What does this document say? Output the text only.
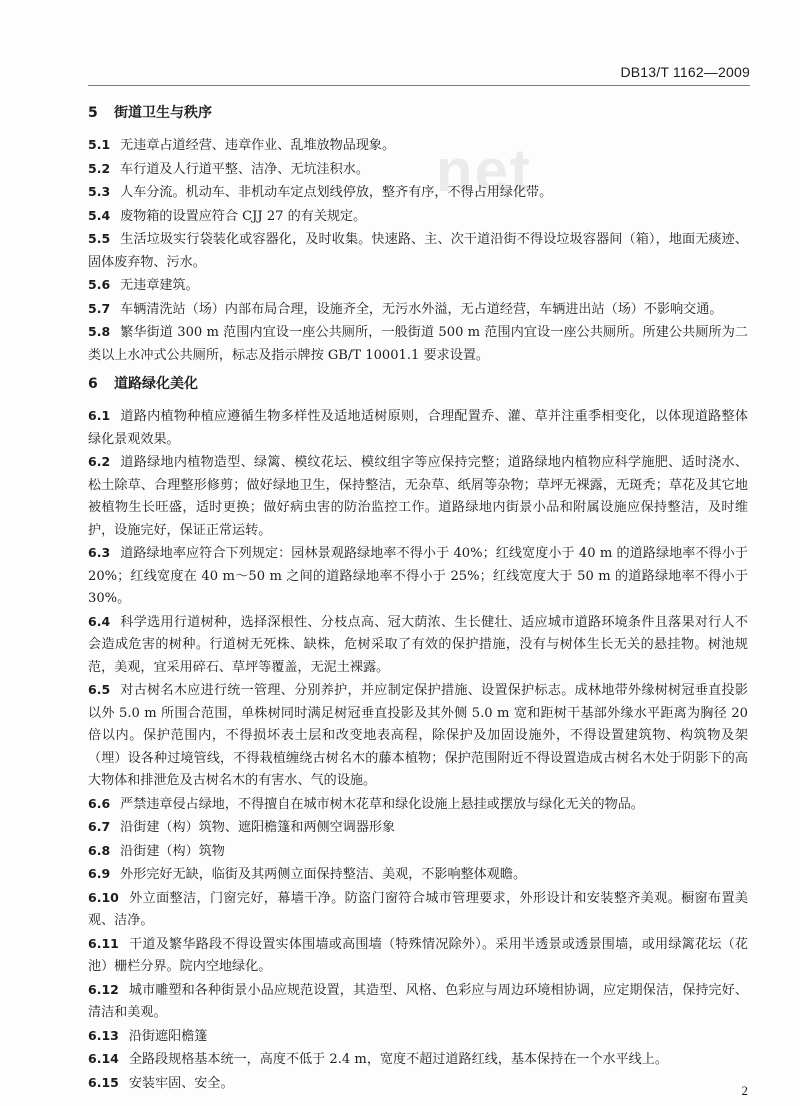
DB13/T 1162—2009
net
5 街道卫生与秩序

5.1 无违章占道经营、违章作业、乱堆放物品现象。

5.2 车行道及人行道平整、洁净、无坑洼积水。

5.3 人车分流。机动车、非机动车定点划线停放，整齐有序，不得占用绿化带。

5.4 废物箱的设置应符合 CJJ 27 的有关规定。

5.5 生活垃圾实行袋装化或容器化，及时收集。快速路、主、次干道沿街不得设垃圾容器间（箱），地面无痰迹、固体废弃物、污水。

5.6 无违章建筑。

5.7 车辆清洗站（场）内部布局合理，设施齐全，无污水外溢，无占道经营，车辆进出站（场）不影响交通。

5.8 繁华街道 300 m 范围内宜设一座公共厕所，一般街道 500 m 范围内宜设一座公共厕所。所建公共厕所为二类以上水冲式公共厕所，标志及指示牌按 GB/T 10001.1 要求设置。

6 道路绿化美化

6.1 道路内植物种植应遵循生物多样性及适地适树原则，合理配置乔、灌、草并注重季相变化，以体现道路整体绿化景观效果。

6.2 道路绿地内植物造型、绿篱、模纹花坛、模纹组字等应保持完整；道路绿地内植物应科学施肥、适时浇水、松土除草、合理整形修剪；做好绿地卫生，保持整洁，无杂草、纸屑等杂物；草坪无裸露，无斑秃；草花及其它地被植物生长旺盛，适时更换；做好病虫害的防治监控工作。道路绿地内街景小品和附属设施应保持整洁，及时维护，设施完好，保证正常运转。

6.3 道路绿地率应符合下列规定：园林景观路绿地率不得小于 40%；红线宽度小于 40 m 的道路绿地率不得小于 20%；红线宽度在 40 m～50 m 之间的道路绿地率不得小于 25%；红线宽度大于 50 m 的道路绿地率不得小于 30%。

6.4 科学选用行道树种，选择深根性、分枝点高、冠大荫浓、生长健壮、适应城市道路环境条件且落果对行人不会造成危害的树种。行道树无死株、缺株，危树采取了有效的保护措施，没有与树体生长无关的悬挂物。树池规范，美观，宜采用碎石、草坪等覆盖，无泥土裸露。

6.5 对古树名木应进行统一管理、分别养护，并应制定保护措施、设置保护标志。成林地带外缘树树冠垂直投影以外 5.0 m 所围合范围，单株树同时满足树冠垂直投影及其外侧 5.0 m 宽和距树干基部外缘水平距离为胸径 20 倍以内。保护范围内，不得损坏表土层和改变地表高程，除保护及加固设施外，不得设置建筑物、构筑物及架（埋）设各种过境管线，不得栽植缠绕古树名木的藤本植物；保护范围附近不得设置造成古树名木处于阴影下的高大物体和排泄危及古树名木的有害水、气的设施。

6.6 严禁违章侵占绿地，不得擅自在城市树木花草和绿化设施上悬挂或摆放与绿化无关的物品。

6.7 沿街建（构）筑物、遮阳檐篷和两侧空调器形象

6.8 沿街建（构）筑物

6.9 外形完好无缺，临街及其两侧立面保持整洁、美观，不影响整体观瞻。

6.10 外立面整洁，门窗完好，幕墙干净。防盗门窗符合城市管理要求，外形设计和安装整齐美观。橱窗布置美观、洁净。

6.11 干道及繁华路段不得设置实体围墙或高围墙（特殊情况除外）。采用半透景或透景围墙，或用绿篱花坛（花池）栅栏分界。院内空地绿化。

6.12 城市雕塑和各种街景小品应规范设置，其造型、风格、色彩应与周边环境相协调，应定期保洁，保持完好、清洁和美观。

6.13 沿街遮阳檐篷

6.14 全路段规格基本统一，高度不低于 2.4 m，宽度不超过道路红线，基本保持在一个水平线上。

6.15 安装牢固、安全。	2
